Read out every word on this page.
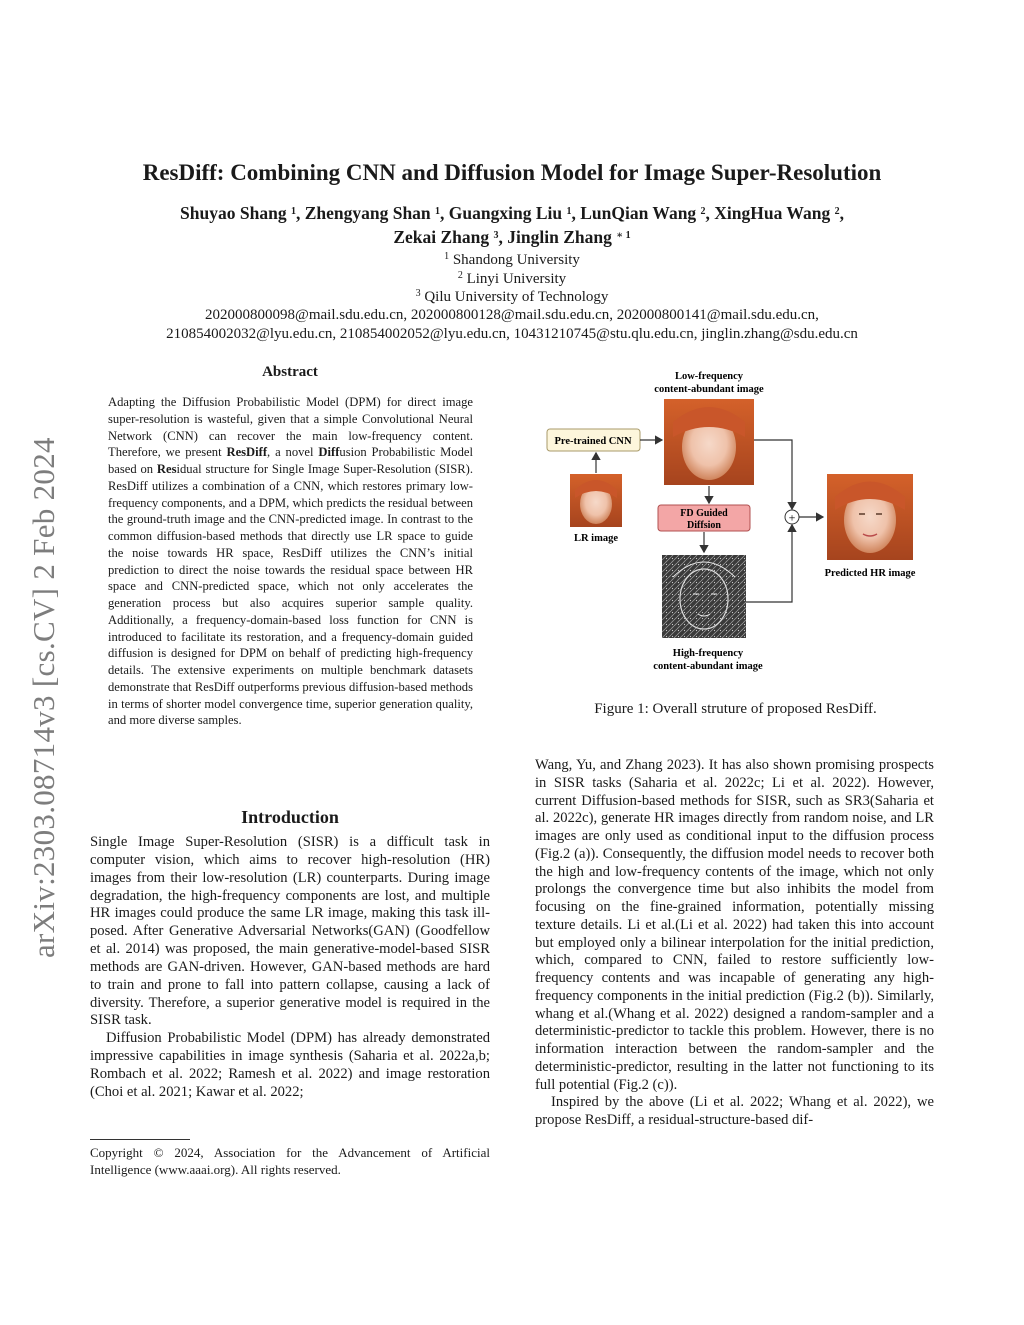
arXiv:2303.08714v3 [cs.CV] 2 Feb 2024
ResDiff: Combining CNN and Diffusion Model for Image Super-Resolution
Shuyao Shang $^1$, Zhengyang Shan $^1$, Guangxing Liu $^1$, LunQian Wang $^2$, XingHua Wang $^2$,
Zekai Zhang $^3$, Jinglin Zhang $^{∗ 1}$
$^1$ Shandong University
$^2$ Linyi University
$^3$ Qilu University of Technology
202000800098@mail.sdu.edu.cn, 202000800128@mail.sdu.edu.cn, 202000800141@mail.sdu.edu.cn,
210854002032@lyu.edu.cn, 210854002052@lyu.edu.cn, 10431210745@stu.qlu.edu.cn, jinglin.zhang@sdu.edu.cn
Abstract
Adapting the Diffusion Probabilistic Model (DPM) for direct image super-resolution is wasteful, given that a simple Convolutional Neural Network (CNN) can recover the main low-frequency content. Therefore, we present ResDiff, a novel Diffusion Probabilistic Model based on Residual structure for Single Image Super-Resolution (SISR). ResDiff utilizes a combination of a CNN, which restores primary low-frequency components, and a DPM, which predicts the residual between the ground-truth image and the CNN-predicted image. In contrast to the common diffusion-based methods that directly use LR space to guide the noise towards HR space, ResDiff utilizes the CNN’s initial prediction to direct the noise towards the residual space between HR space and CNN-predicted space, which not only accelerates the generation process but also acquires superior sample quality. Additionally, a frequency-domain-based loss function for CNN is introduced to facilitate its restoration, and a frequency-domain guided diffusion is designed for DPM on behalf of predicting high-frequency details. The extensive experiments on multiple benchmark datasets demonstrate that ResDiff outperforms previous diffusion-based methods in terms of shorter model convergence time, superior generation quality, and more diverse samples.
Introduction

Single Image Super-Resolution (SISR) is a difficult task in computer vision, which aims to recover high-resolution (HR) images from their low-resolution (LR) counterparts. During image degradation, the high-frequency components are lost, and multiple HR images could produce the same LR image, making this task ill-posed. After Generative Adversarial Networks(GAN) (Goodfellow et al. 2014) was proposed, the main generative-model-based SISR methods are GAN-driven. However, GAN-based methods are hard to train and prone to fall into pattern collapse, causing a lack of diversity. Therefore, a superior generative model is required in the SISR task.

Diffusion Probabilistic Model (DPM) has already demonstrated impressive capabilities in image synthesis (Saharia et al. 2022a,b; Rombach et al. 2022; Ramesh et al. 2022) and image restoration (Choi et al. 2021; Kawar et al. 2022;

Copyright © 2024, Association for the Advancement of Artificial Intelligence (www.aaai.org). All rights reserved.
Low-frequency
content-abundant image
Pre-trained CNN
LR image
FD Guided
Diffsion
High-frequency
content-abundant image
+
Predicted HR image
Figure 1: Overall struture of proposed ResDiff.

Wang, Yu, and Zhang 2023). It has also shown promising prospects in SISR tasks (Saharia et al. 2022c; Li et al. 2022). However, current Diffusion-based methods for SISR, such as SR3(Saharia et al. 2022c), generate HR images directly from random noise, and LR images are only used as conditional input to the diffusion process (Fig.2 (a)). Consequently, the diffusion model needs to recover both the high and low-frequency contents of the image, which not only prolongs the convergence time but also inhibits the model from focusing on the fine-grained information, potentially missing texture details. Li et al.(Li et al. 2022) had taken this into account but employed only a bilinear interpolation for the initial prediction, which, compared to CNN, failed to restore sufficiently low-frequency contents and was incapable of generating any high-frequency components in the initial prediction (Fig.2 (b)). Similarly, whang et al.(Whang et al. 2022) designed a random-sampler and a deterministic-predictor to tackle this problem. However, there is no information interaction between the random-sampler and the deterministic-predictor, resulting in the latter not functioning to its full potential (Fig.2 (c)).

Inspired by the above (Li et al. 2022; Whang et al. 2022), we propose ResDiff, a residual-structure-based dif-
